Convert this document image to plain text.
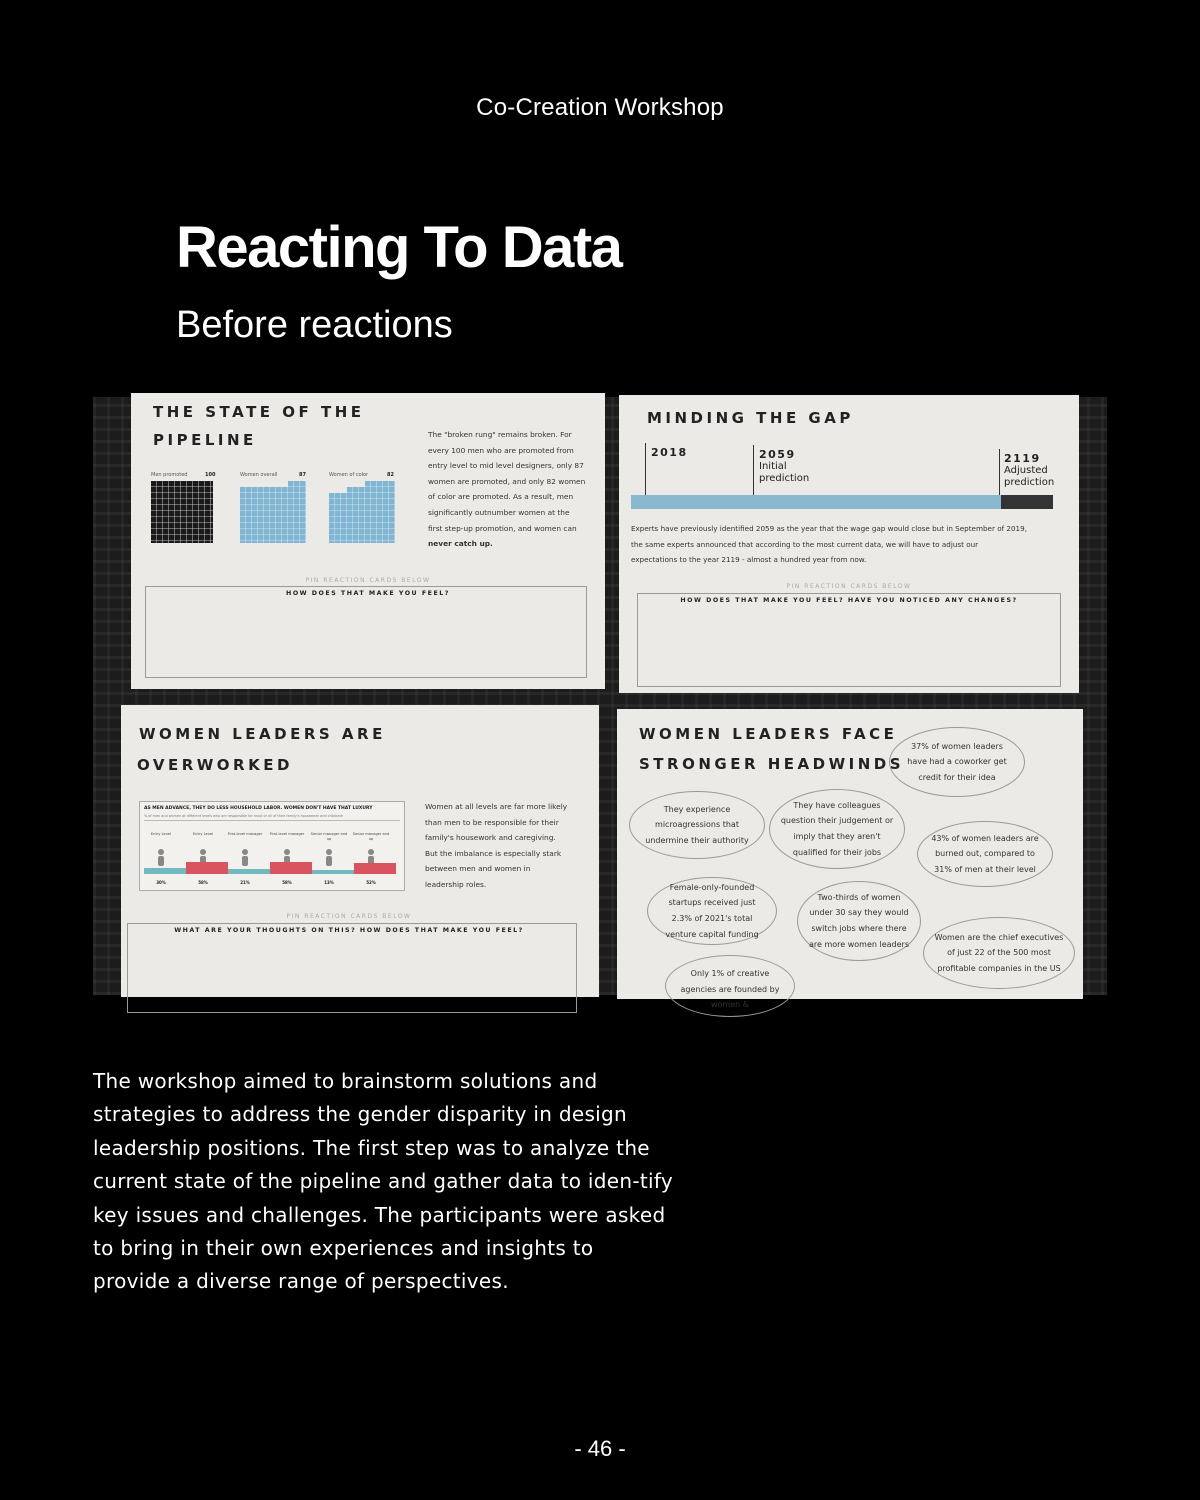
Co-Creation Workshop
Reacting To Data
Before reactions
THE STATE OF THE
PIPELINE
Men promoted	100	Women overall	87	Women of color	82
The "broken rung" remains broken. For
every 100 men who are promoted from
entry level to mid level designers, only 87
women are promoted, and only 82 women
of color are promoted. As a result, men
significantly outnumber women at the
first step-up promotion, and women can
never catch up.
PIN REACTION CARDS BELOW
HOW DOES THAT MAKE YOU FEEL?
MINDING THE GAP
2018	2059
Initial
prediction
2119
Adjusted
prediction
Experts have previously identified 2059 as the year that the wage gap would close but in September of 2019,
the same experts announced that according to the most current data, we will have to adjust our
expectations to the year 2119 - almost a hundred year from now.
PIN REACTION CARDS BELOW
HOW DOES THAT MAKE YOU FEEL? HAVE YOU NOTICED ANY CHANGES?
WOMEN LEADERS ARE
OVERWORKED
AS MEN ADVANCE, THEY DO LESS HOUSEHOLD LABOR. WOMEN DON'T HAVE THAT LUXURY
% of men and women at different levels who are responsible for most or all of their family's housework and childcare
Entry Level	Entry Level	First-level manager	First-level manager	Senior manager and up
Senior manager and up
30%	58%	21%	58%	13%	52%
Women at all levels are far more likely
than men to be responsible for their
family's housework and caregiving.
But the imbalance is especially stark
between men and women in
leadership roles.
PIN REACTION CARDS BELOW
WHAT ARE YOUR THOUGHTS ON THIS? HOW DOES THAT MAKE YOU FEEL?
WOMEN LEADERS FACE
STRONGER HEADWINDS
37% of women leaders have had a coworker get credit for their idea
They experience microagressions that undermine their authority
They have colleagues question their judgement or imply that they aren't qualified for their jobs
43% of women leaders are burned out, compared to 31% of men at their level
Female-only-founded startups received just 2.3% of 2021's total venture capital funding
Two-thirds of women under 30 say they would switch jobs where there are more women leaders
Women are the chief executives of just 22 of the 500 most profitable companies in the US
Only 1% of creative agencies are founded by women &

The workshop aimed to brainstorm solutions and strategies to address the gender disparity in design leadership positions. The first step was to analyze the current state of the pipeline and gather data to iden-tify key issues and challenges. The participants were asked to bring in their own experiences and insights to provide a diverse range of perspectives.

- 46 -
